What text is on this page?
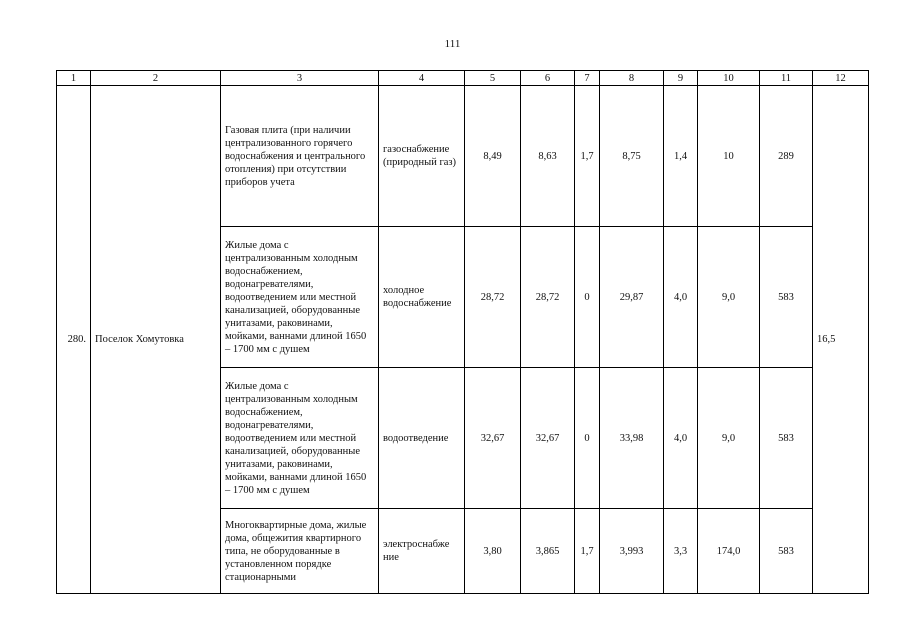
111
1	2	3	4	5	6	7	8	9	10	11	12
280.	Поселок Хомутовка	Газовая плита (при наличии централизованного горячего водоснабжения и центрального отопления) при отсутствии приборов учета	газоснабжение (природный газ)	8,49	8,63	1,7	8,75	1,4	10	289	16,5
		Жилые дома с централизованным холодным водоснабжением, водонагревателями, водоотведением или местной канализацией, оборудованные унитазами, раковинами, мойками, ваннами длиной 1650 – 1700 мм с душем	холодное водоснабжение	28,72	28,72	0	29,87	4,0	9,0	583	
		Жилые дома с централизованным холодным водоснабжением, водонагревателями, водоотведением или местной канализацией, оборудованные унитазами, раковинами, мойками, ваннами длиной 1650 – 1700 мм с душем	водоотведение	32,67	32,67	0	33,98	4,0	9,0	583	
		Многоквартирные дома, жилые дома, общежития квартирного типа, не оборудованные в установленном порядке стационарными	электроснабже ние	3,80	3,865	1,7	3,993	3,3	174,0	583	
